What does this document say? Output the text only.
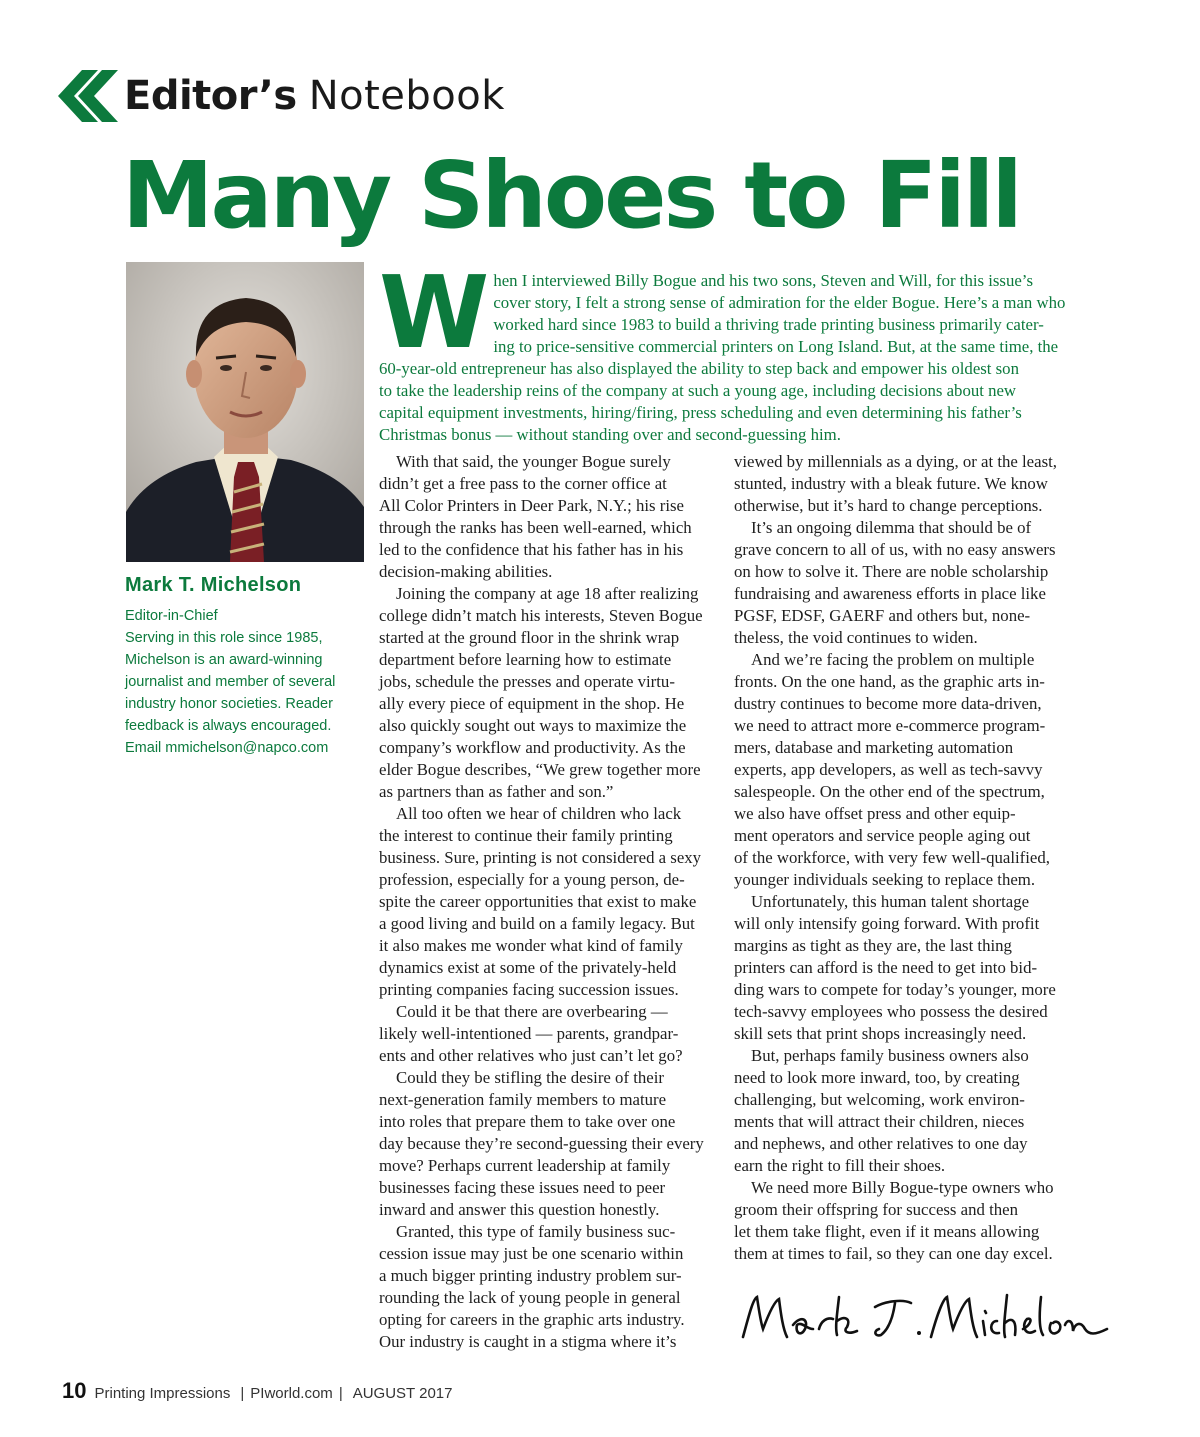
Editor’s Notebook
Many Shoes to Fill

Mark T. Michelson

Editor-in-Chief

Serving in this role since 1985,
Michelson is an award-winning
journalist and member of several
industry honor societies. Reader
feedback is always encouraged.
Email mmichelson@napco.com

W hen I interviewed Billy Bogue and his two sons, Steven and Will, for this issue’s
cover story, I felt a strong sense of admiration for the elder Bogue. Here’s a man who
worked hard since 1983 to build a thriving trade printing business primarily cater-
ing to price-sensitive commercial printers on Long Island. But, at the same time, the
60-year-old entrepreneur has also displayed the ability to step back and empower his oldest son
to take the leadership reins of the company at such a young age, including decisions about new
capital equipment investments, hiring/firing, press scheduling and even determining his father’s
Christmas bonus — without standing over and second-guessing him.

With that said, the younger Bogue surely
didn’t get a free pass to the corner office at
All Color Printers in Deer Park, N.Y.; his rise
through the ranks has been well-earned, which
led to the confidence that his father has in his
decision-making abilities.

Joining the company at age 18 after realizing
college didn’t match his interests, Steven Bogue
started at the ground floor in the shrink wrap
department before learning how to estimate
jobs, schedule the presses and operate virtu-
ally every piece of equipment in the shop. He
also quickly sought out ways to maximize the
company’s workflow and productivity. As the
elder Bogue describes, “We grew together more
as partners than as father and son.”

All too often we hear of children who lack
the interest to continue their family printing
business. Sure, printing is not considered a sexy
profession, especially for a young person, de-
spite the career opportunities that exist to make
a good living and build on a family legacy. But
it also makes me wonder what kind of family
dynamics exist at some of the privately-held
printing companies facing succession issues.

Could it be that there are overbearing —
likely well-intentioned — parents, grandpar-
ents and other relatives who just can’t let go?

Could they be stifling the desire of their
next-generation family members to mature
into roles that prepare them to take over one
day because they’re second-guessing their every
move? Perhaps current leadership at family
businesses facing these issues need to peer
inward and answer this question honestly.

Granted, this type of family business suc-
cession issue may just be one scenario within
a much bigger printing industry problem sur-
rounding the lack of young people in general
opting for careers in the graphic arts industry.
Our industry is caught in a stigma where it’s

viewed by millennials as a dying, or at the least,
stunted, industry with a bleak future. We know
otherwise, but it’s hard to change perceptions.

It’s an ongoing dilemma that should be of
grave concern to all of us, with no easy answers
on how to solve it. There are noble scholarship
fundraising and awareness efforts in place like
PGSF, EDSF, GAERF and others but, none-
theless, the void continues to widen.

And we’re facing the problem on multiple
fronts. On the one hand, as the graphic arts in-
dustry continues to become more data-driven,
we need to attract more e-commerce program-
mers, database and marketing automation
experts, app developers, as well as tech-savvy
salespeople. On the other end of the spectrum,
we also have offset press and other equip-
ment operators and service people aging out
of the workforce, with very few well-qualified,
younger individuals seeking to replace them.

Unfortunately, this human talent shortage
will only intensify going forward. With profit
margins as tight as they are, the last thing
printers can afford is the need to get into bid-
ding wars to compete for today’s younger, more
tech-savvy employees who possess the desired
skill sets that print shops increasingly need.

But, perhaps family business owners also
need to look more inward, too, by creating
challenging, but welcoming, work environ-
ments that will attract their children, nieces
and nephews, and other relatives to one day
earn the right to fill their shoes.

We need more Billy Bogue-type owners who
groom their offspring for success and then
let them take flight, even if it means allowing
them at times to fail, so they can one day excel.

10 Printing Impressions | PIworld.com | AUGUST 2017
